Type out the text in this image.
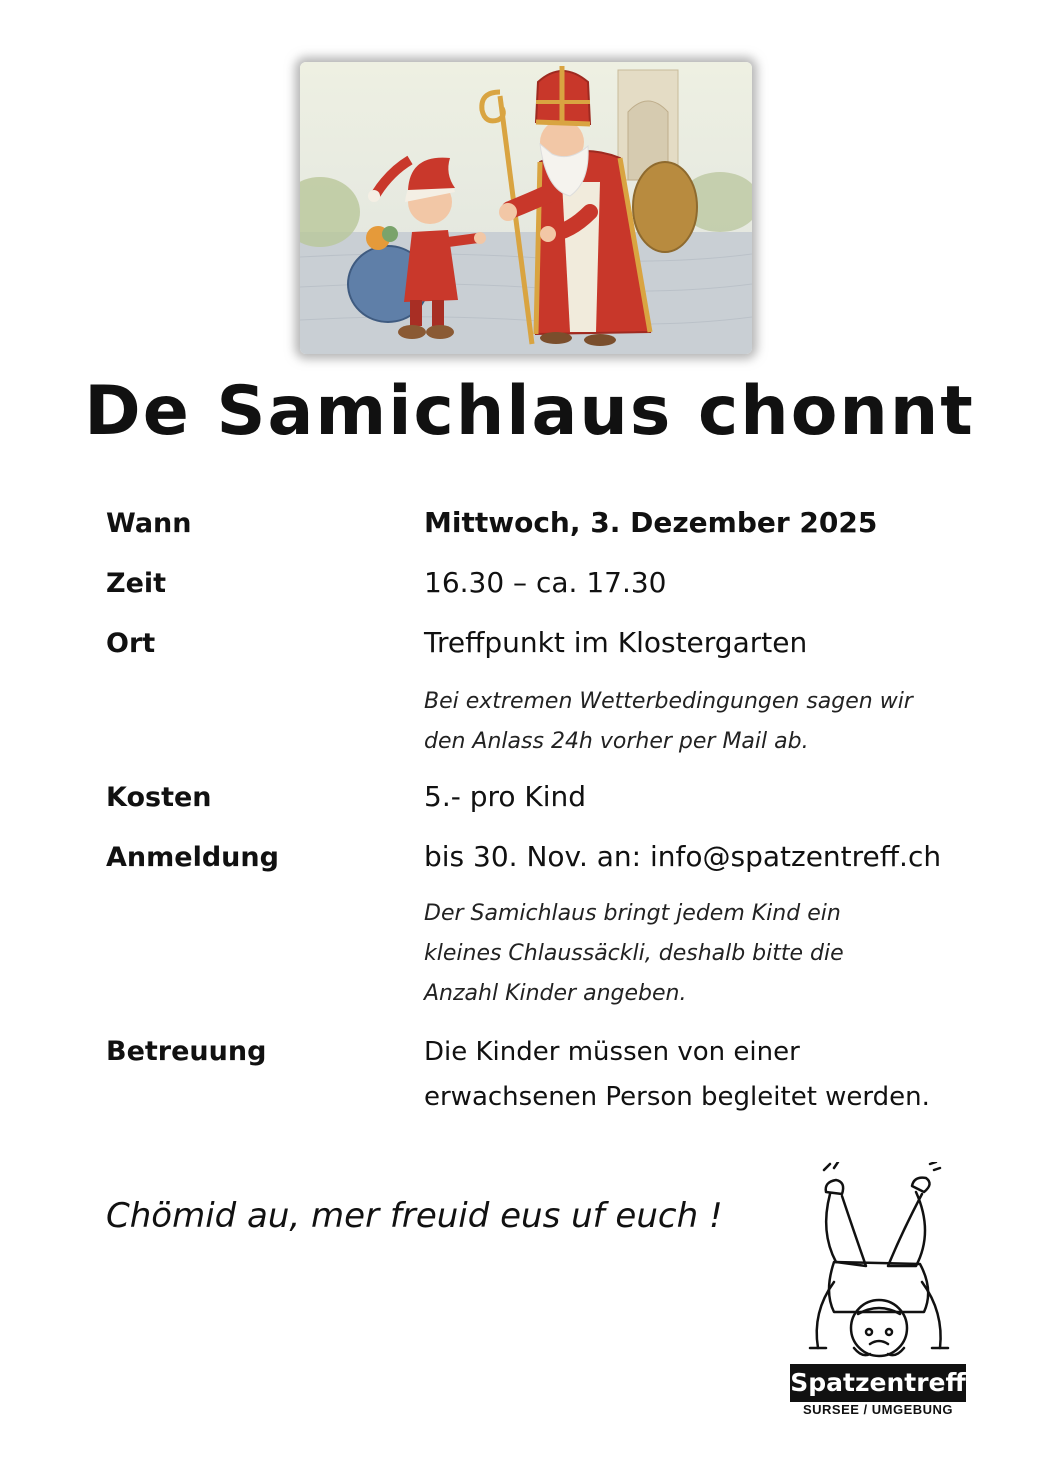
De Samichlaus chonnt
Wann	Mittwoch, 3. Dezember 2025
Zeit	16.30 – ca. 17.30
Ort	Treffpunkt im Klostergarten
Bei extremen Wetterbedingungen sagen wir
den Anlass 24h vorher per Mail ab.
Kosten	5.- pro Kind
Anmeldung	bis 30. Nov. an: info@spatzentreff.ch
Der Samichlaus bringt jedem Kind ein
kleines Chlaussäckli, deshalb bitte die
Anzahl Kinder angeben.
Betreuung	Die Kinder müssen von einer
erwachsenen Person begleitet werden.
Chömid au, mer freuid eus uf euch !
Spatzentreff
SURSEE / UMGEBUNG
